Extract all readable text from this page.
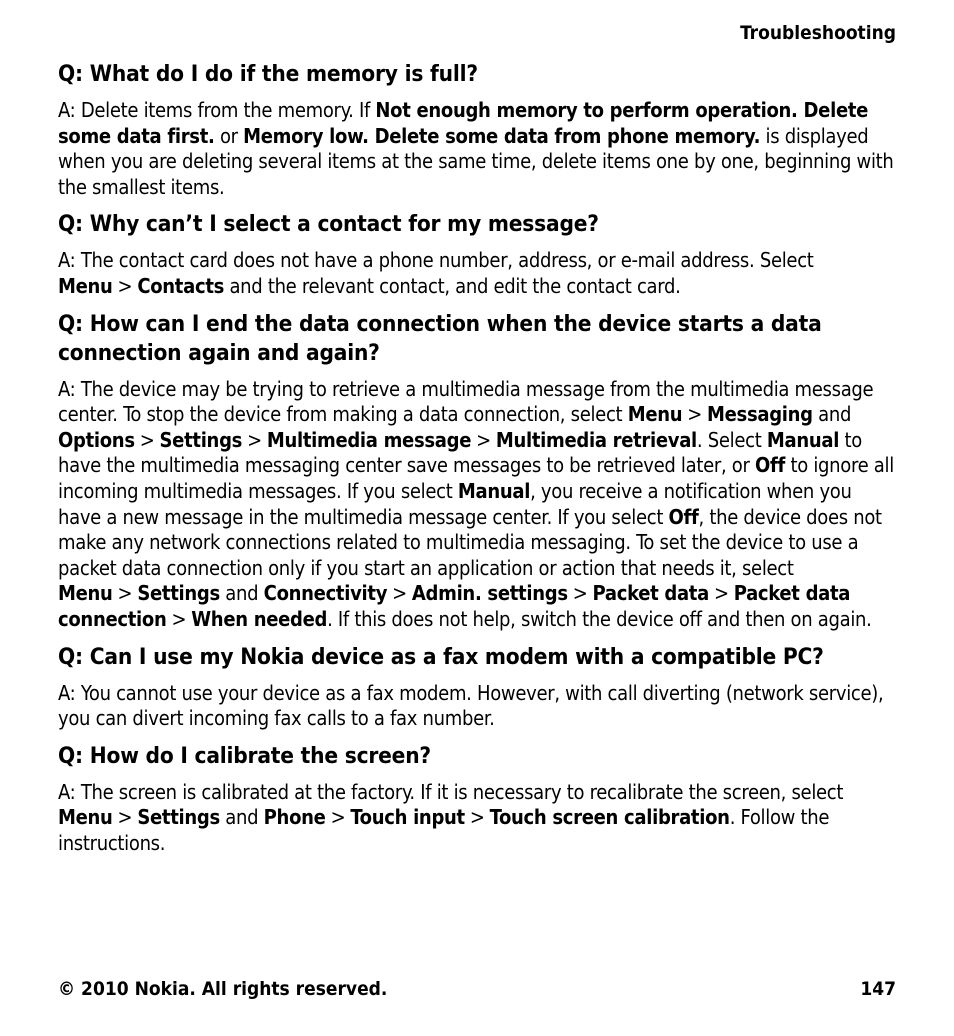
Troubleshooting
Q: What do I do if the memory is full?
A: Delete items from the memory. If Not enough memory to perform operation. Delete some data first. or Memory low. Delete some data from phone memory. is displayed when you are deleting several items at the same time, delete items one by one, beginning with the smallest items.
Q: Why can’t I select a contact for my message?
A: The contact card does not have a phone number, address, or e-mail address. Select Menu > Contacts and the relevant contact, and edit the contact card.
Q: How can I end the data connection when the device starts a data connection again and again?
A: The device may be trying to retrieve a multimedia message from the multimedia message center. To stop the device from making a data connection, select Menu > Messaging and Options > Settings > Multimedia message > Multimedia retrieval. Select Manual to have the multimedia messaging center save messages to be retrieved later, or Off to ignore all incoming multimedia messages. If you select Manual, you receive a notification when you have a new message in the multimedia message center. If you select Off, the device does not make any network connections related to multimedia messaging. To set the device to use a packet data connection only if you start an application or action that needs it, select Menu > Settings and Connectivity > Admin. settings > Packet data > Packet data connection > When needed. If this does not help, switch the device off and then on again.
Q: Can I use my Nokia device as a fax modem with a compatible PC?
A: You cannot use your device as a fax modem. However, with call diverting (network service), you can divert incoming fax calls to a fax number.
Q: How do I calibrate the screen?
A: The screen is calibrated at the factory. If it is necessary to recalibrate the screen, select Menu > Settings and Phone > Touch input > Touch screen calibration. Follow the instructions.
© 2010 Nokia. All rights reserved.	147
